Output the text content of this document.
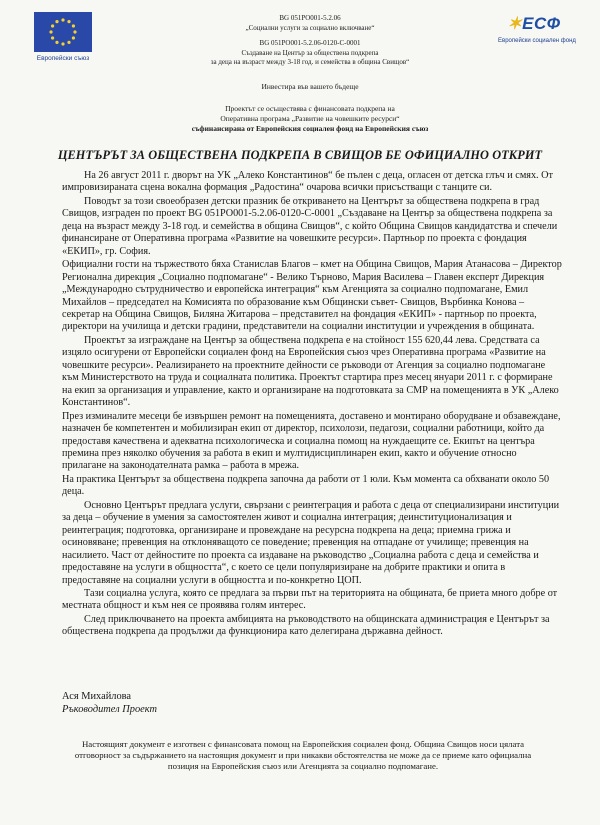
Европейски съюз
✶ЕСФ
Европейски социален фонд
BG 051PO001-5.2.06
„Социални услуги за социално включване“
BG 051PO001-5.2.06-0120-C-0001
Създаване на Център за обществена подкрепа
за деца на възраст между 3-18 год. и семейства в община Свищов“
Инвестира във вашето бъдеще
Проектът се осъществява с финансовата подкрепа на
Оперативна програма „Развитие на човешките ресурси“
съфинансирана от Европейския социален фонд на Европейския съюз
ЦЕНТЪРЪТ ЗА ОБЩЕСТВЕНА ПОДКРЕПА В СВИЩОВ БЕ ОФИЦИАЛНО ОТКРИТ

На 26 август 2011 г. дворът на УК „Алеко Константинов“ бе пълен с деца, огласен от детска глъч и смях. От импровизираната сцена вокална формация „Радостина“ очарова всички присъстващи с танците си.

Поводът за този своеобразен детски празник бе откриването на Центърът за обществена подкрепа в град Свищов, изграден по проект BG 051PO001-5.2.06-0120-C-0001 „Създаване на Център за обществена подкрепа за деца на възраст между 3-18 год. и семейства в община Свищов“, с който Община Свищов кандидатства и спечели финансиране от Оперативна програма «Развитие на човешките ресурси». Партньор по проекта с фондация «ЕКИП», гр. София.

Официални гости на тържеството бяха Станислав Благов – кмет на Община Свищов, Мария Атанасова – Директор Регионална дирекция „Социално подпомагане“ - Велико Търново, Мария Василева – Главен експерт Дирекция „Международно сътрудничество и европейска интеграция“ към Агенцията за социално подпомагане, Емил Михайлов – председател на Комисията по образование към Общински съвет- Свищов, Върбинка Конова – секретар на Община Свищов, Биляна Житарова – представител на фондация «ЕКИП» - партньор по проекта, директори на училища и детски градини, представители на социални институции и учреждения в общината.

Проектът за изграждане на Център за обществена подкрепа е на стойност 155 620,44 лева. Средствата са изцяло осигурени от Европейски социален фонд на Европейския съюз чрез Оперативна програма «Развитие на човешките ресурси». Реализирането на проектните дейности се ръководи от Агенция за социално подпомагане към Министерството на труда и социалната политика. Проектът стартира през месец януари 2011 г. с формиране на екип за организация и управление, както и организиране на подготовката за СМР на помещенията в УК „Алеко Константинов“.

През изминалите месеци бе извършен ремонт на помещенията, доставено и монтирано оборудване и обзавеждане, назначен бе компетентен и мобилизиран екип от директор, психолози, педагози, социални работници, който да предоставя качествена и адекватна психологическа и социална помощ на нуждаещите се. Екипът на центъра премина през няколко обучения за работа в екип и мултидисциплинарен екип, както и обучение относно прилагане на законодателната рамка – работа в мрежа.

На практика Центърът за обществена подкрепа започна да работи от 1 юли. Към момента са обхванати около 50 деца.

Основно Центърът предлага услуги, свързани с реинтеграция и работа с деца от специализирани институции за деца – обучение в умения за самостоятелен живот и социална интеграция; деинституционализация и реинтеграция; подготовка, организиране и провеждане на ресурсна подкрепа на деца; приемна грижа и осиновяване; превенция на отклоняващото се поведение; превенция на отпадане от училище; превенция на насилието. Част от дейностите по проекта са издаване на ръководство „Социална работа с деца и семейства и предоставяне на услуги в общността“, с което се цели популяризиране на добрите практики и опита в предоставяне на социални услуги в общността и по-конкретно ЦОП.

Тази социална услуга, която се предлага за първи път на територията на общината, бе приета много добре от местната общност и към нея се проявява голям интерес.

След приключването на проекта амбицията на ръководството на общинската администрация е Центърът за обществена подкрепа да продължи да функционира като делегирана държавна дейност.

Ася Михайлова
Ръководител Проект
Настоящият документ е изготвен с финансовата помощ на Европейския социален фонд. Община Свищов носи цялата отговорност за съдържанието на настоящия документ и при никакви обстоятелства не може да се приеме като официална позиция на Европейския съюз или Агенцията за социално подпомагане.
